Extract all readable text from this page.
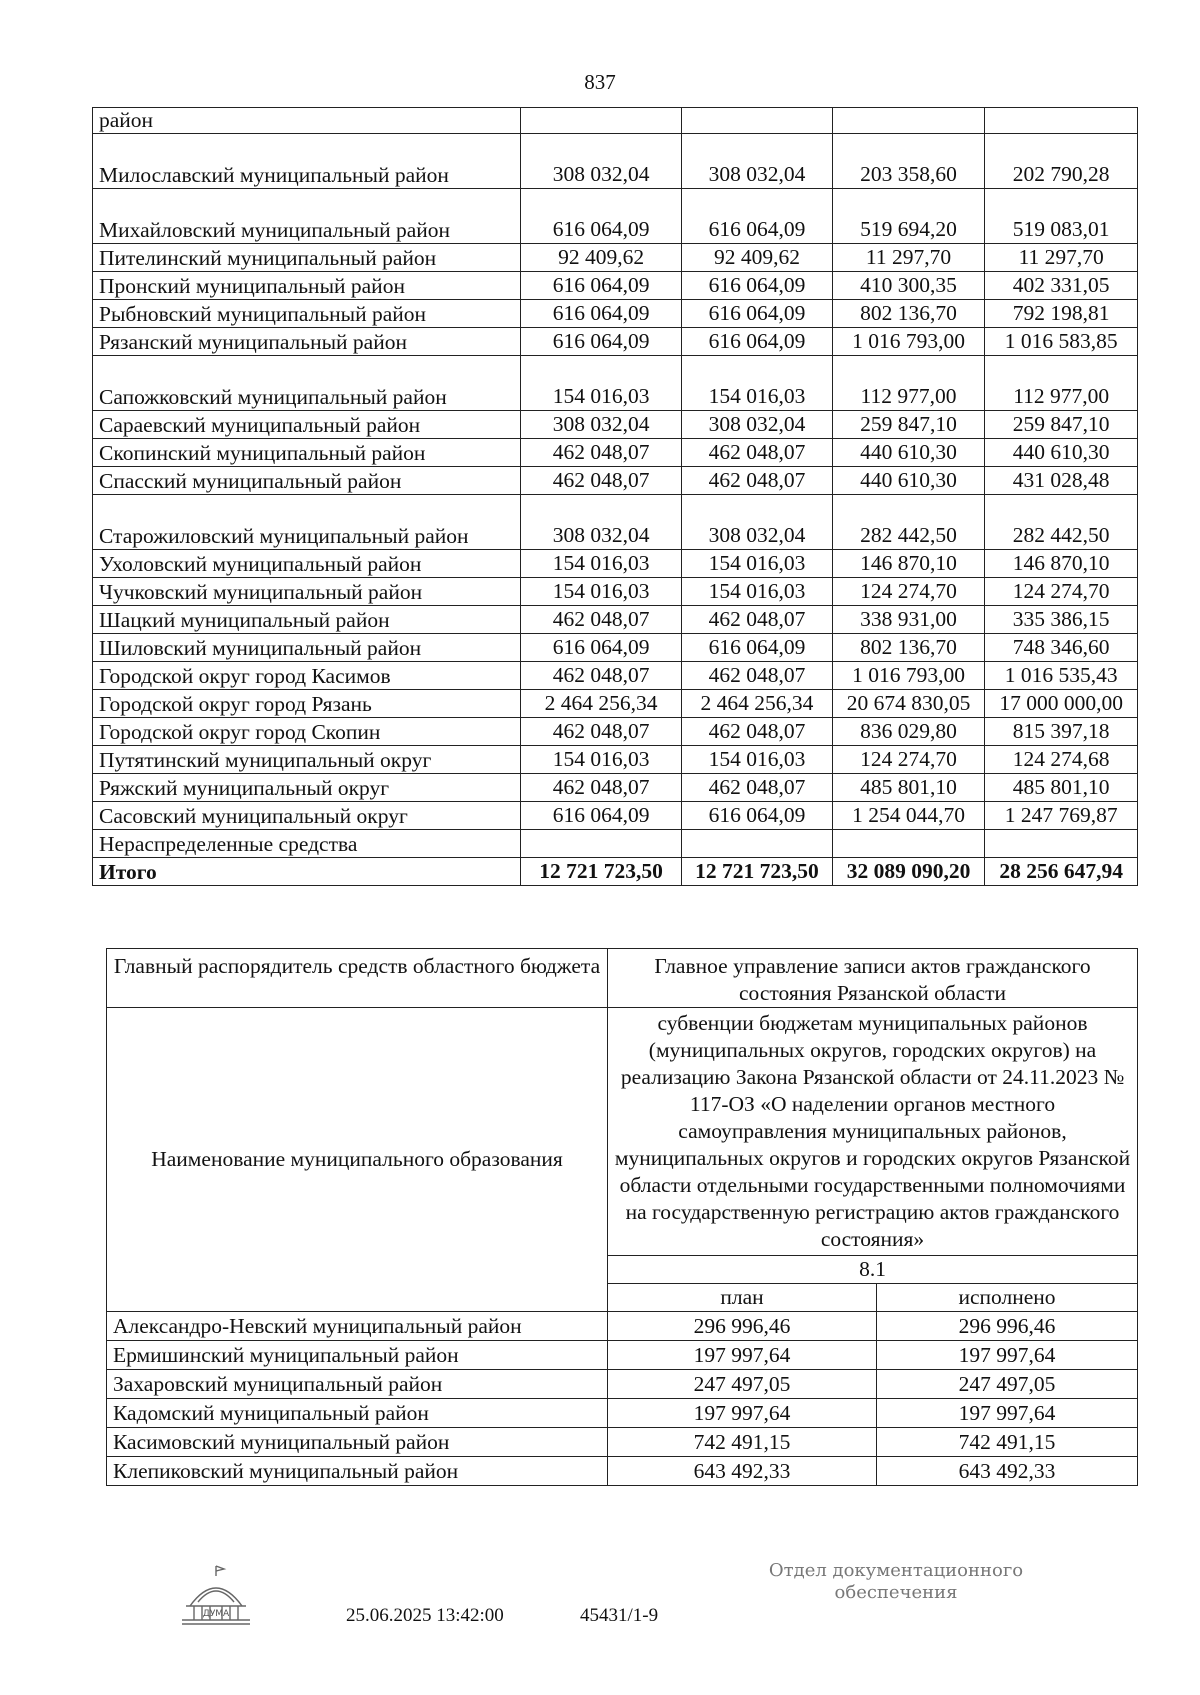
837
район				
Милославский муниципальный район	308 032,04	308 032,04	203 358,60	202 790,28
Михайловский муниципальный район	616 064,09	616 064,09	519 694,20	519 083,01
Пителинский муниципальный район	92 409,62	92 409,62	11 297,70	11 297,70
Пронский муниципальный район	616 064,09	616 064,09	410 300,35	402 331,05
Рыбновский муниципальный район	616 064,09	616 064,09	802 136,70	792 198,81
Рязанский муниципальный район	616 064,09	616 064,09	1 016 793,00	1 016 583,85
Сапожковский муниципальный район	154 016,03	154 016,03	112 977,00	112 977,00
Сараевский муниципальный район	308 032,04	308 032,04	259 847,10	259 847,10
Скопинский муниципальный район	462 048,07	462 048,07	440 610,30	440 610,30
Спасский муниципальный район	462 048,07	462 048,07	440 610,30	431 028,48
Старожиловский муниципальный район	308 032,04	308 032,04	282 442,50	282 442,50
Ухоловский муниципальный район	154 016,03	154 016,03	146 870,10	146 870,10
Чучковский муниципальный район	154 016,03	154 016,03	124 274,70	124 274,70
Шацкий муниципальный район	462 048,07	462 048,07	338 931,00	335 386,15
Шиловский муниципальный район	616 064,09	616 064,09	802 136,70	748 346,60
Городской округ город Касимов	462 048,07	462 048,07	1 016 793,00	1 016 535,43
Городской округ город Рязань	2 464 256,34	2 464 256,34	20 674 830,05	17 000 000,00
Городской округ город Скопин	462 048,07	462 048,07	836 029,80	815 397,18
Путятинский муниципальный округ	154 016,03	154 016,03	124 274,70	124 274,68
Ряжский муниципальный округ	462 048,07	462 048,07	485 801,10	485 801,10
Сасовский муниципальный округ	616 064,09	616 064,09	1 254 044,70	1 247 769,87
Нераспределенные средства				
Итого	12 721 723,50	12 721 723,50	32 089 090,20	28 256 647,94
Главный распорядитель средств областного бюджета	Главное управление записи актов гражданского состояния Рязанской области	
Наименование муниципального образования	субвенции бюджетам муниципальных районов (муниципальных округов, городских округов) на реализацию Закона Рязанской области от 24.11.2023 № 117-ОЗ «О наделении органов местного самоуправления муниципальных районов, муниципальных округов и городских округов Рязанской области отдельными государственными полномочиями на государственную регистрацию актов гражданского состояния»	
	8.1	
	план	исполнено
Александро-Невский муниципальный район	296 996,46	296 996,46
Ермишинский муниципальный район	197 997,64	197 997,64
Захаровский муниципальный район	247 497,05	247 497,05
Кадомский муниципальный район	197 997,64	197 997,64
Касимовский муниципальный район	742 491,15	742 491,15
Клепиковский муниципальный район	643 492,33	643 492,33
ДУМА	25.06.2025 13:42:00	45431/1-9
Отдел документационного
обеспечения
